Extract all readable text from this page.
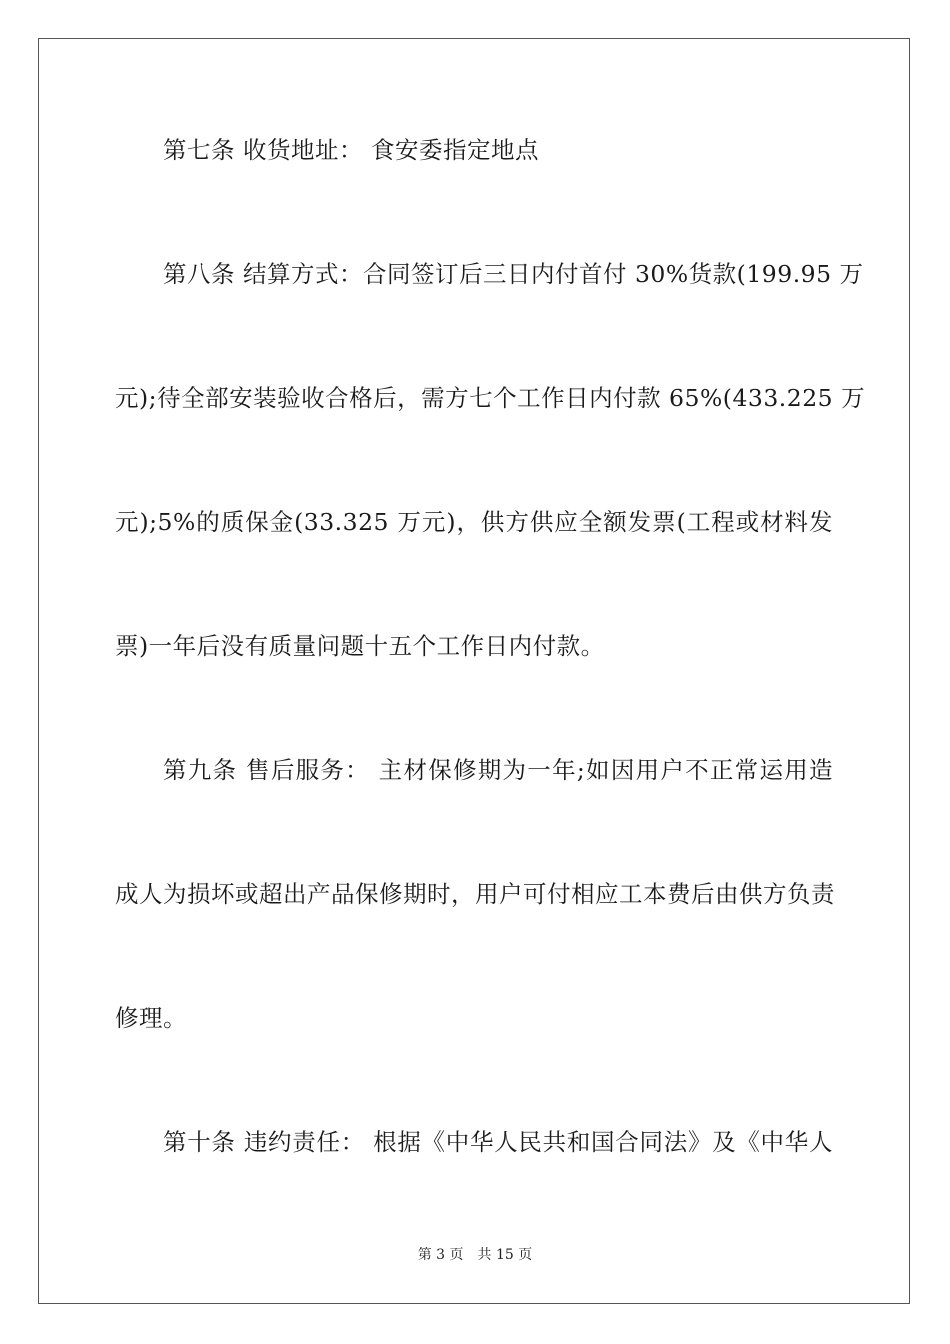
第七条 收货地址： 食安委指定地点
第八条 结算方式：合同签订后三日内付首付 30%货款(199.95 万
元);待全部安装验收合格后，需方七个工作日内付款 65%(433.225 万
元);5%的质保金(33.325 万元)，供方供应全额发票(工程或材料发
票)一年后没有质量问题十五个工作日内付款。
第九条 售后服务： 主材保修期为一年;如因用户不正常运用造
成人为损坏或超出产品保修期时，用户可付相应工本费后由供方负责
修理。
第十条 违约责任： 根据《中华人民共和国合同法》及《中华人
第 3 页 共 15 页
